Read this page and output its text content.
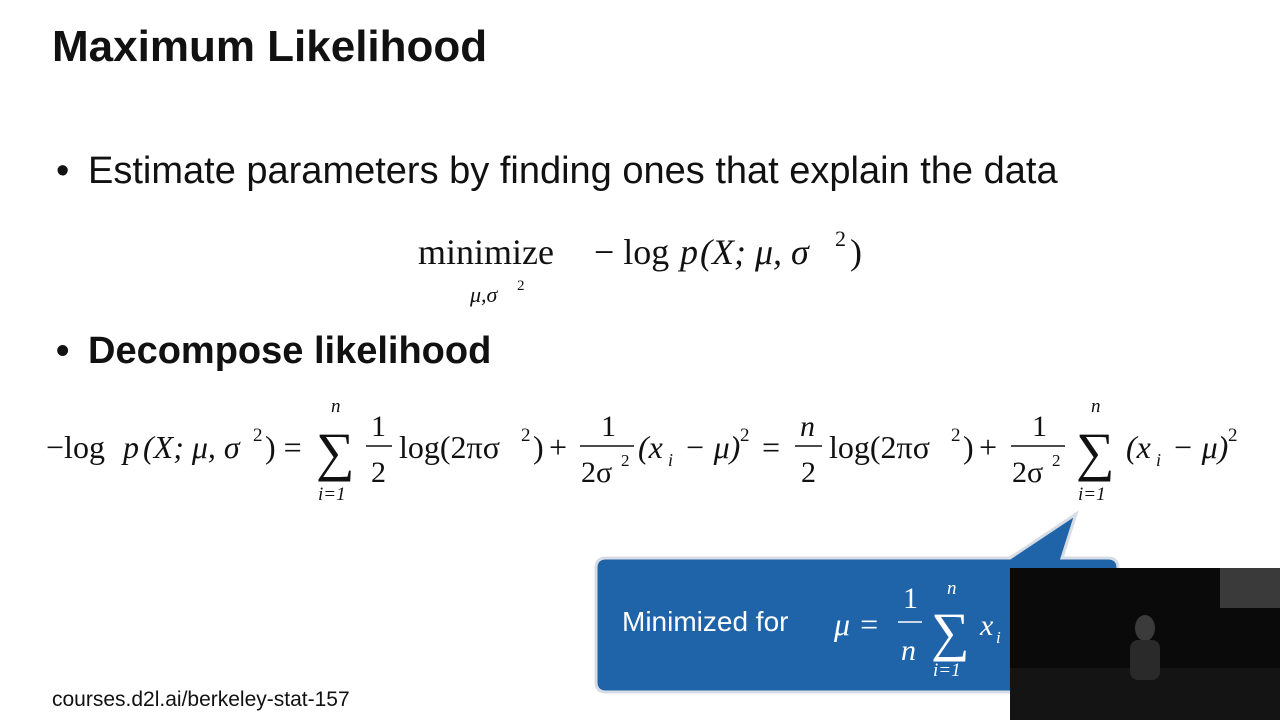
Maximum Likelihood
• Estimate parameters by finding ones that explain the data
minimize
μ,σ 2
− log p (X; μ, σ 2 )
• Decompose likelihood
−log p (X; μ, σ 2 ) =
n
∑
i=1
1
2
log(2πσ 2 ) +
1
2σ 2 (x i − μ) 2 =
n
2
log(2πσ 2 ) +
1
2σ 2
n
∑
i=1
(x i − μ) 2
μ =
1
n
n
∑
i=1
x i
Minimized for
courses.d2l.ai/berkeley-stat-157
